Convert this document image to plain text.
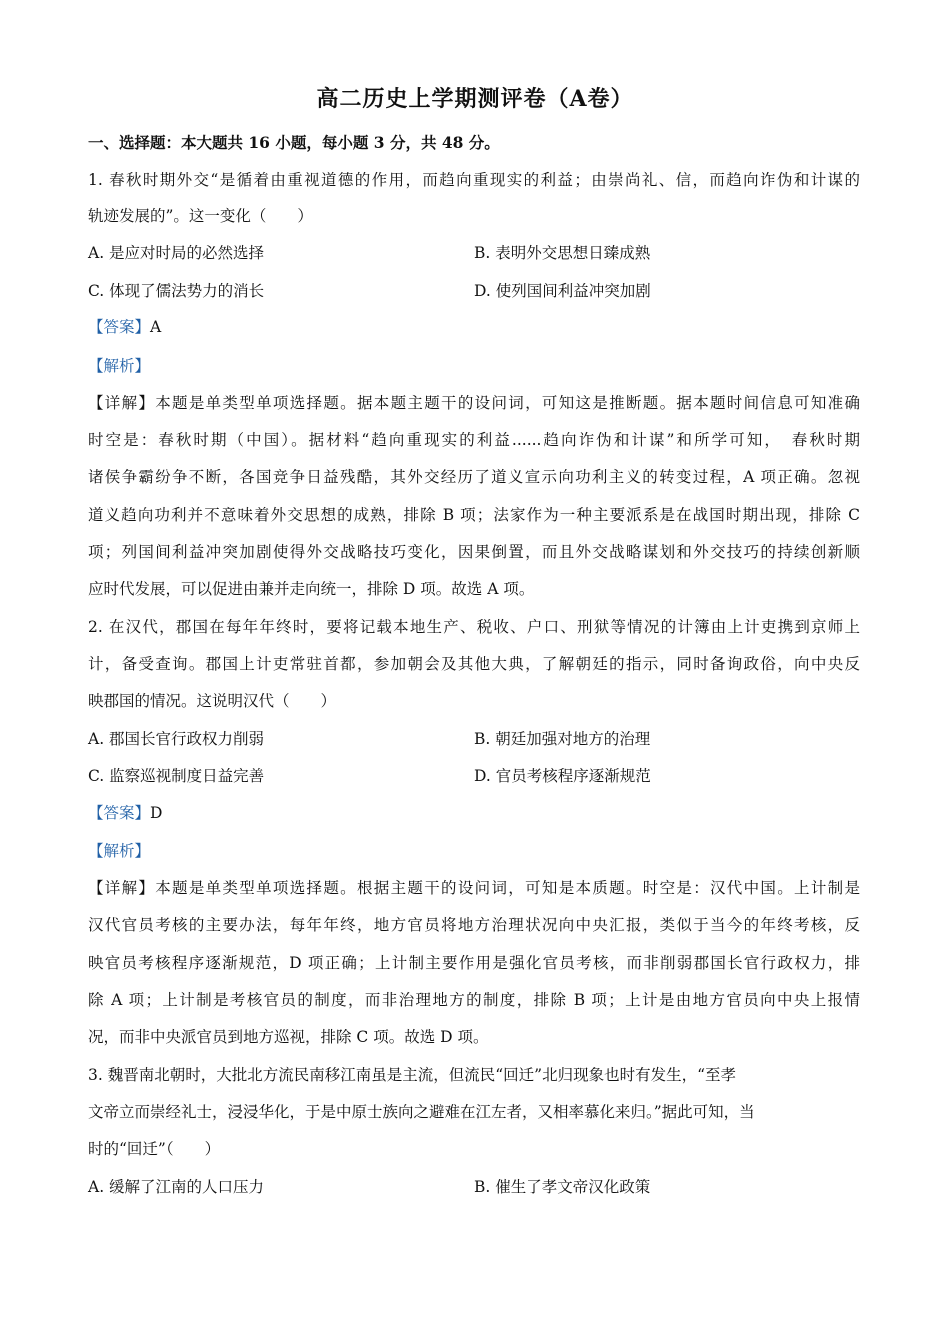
高二历史上学期测评卷（A卷）
一、选择题：本大题共 16 小题，每小题 3 分，共 48 分。
1. 春秋时期外交“是循着由重视道德的作用，而趋向重现实的利益；由崇尚礼、信，而趋向诈伪和计谋的
轨迹发展的”。这一变化（　　）
A. 是应对时局的必然选择	B. 表明外交思想日臻成熟
C. 体现了儒法势力的消长	D. 使列国间利益冲突加剧
【答案】A
【解析】
【详解】本题是单类型单项选择题。据本题主题干的设问词，可知这是推断题。据本题时间信息可知准确
时空是：春秋时期（中国）。据材料“趋向重现实的利益......趋向诈伪和计谋”和所学可知，　春秋时期
诸侯争霸纷争不断，各国竞争日益残酷，其外交经历了道义宣示向功利主义的转变过程，A 项正确。忽视
道义趋向功利并不意味着外交思想的成熟，排除 B 项；法家作为一种主要派系是在战国时期出现，排除 C
项；列国间利益冲突加剧使得外交战略技巧变化，因果倒置，而且外交战略谋划和外交技巧的持续创新顺
应时代发展，可以促进由兼并走向统一，排除 D 项。故选 A 项。
2. 在汉代，郡国在每年年终时，要将记载本地生产、税收、户口、刑狱等情况的计簿由上计吏携到京师上
计，备受查询。郡国上计吏常驻首都，参加朝会及其他大典，了解朝廷的指示，同时备询政俗，向中央反
映郡国的情况。这说明汉代（　　）
A. 郡国长官行政权力削弱	B. 朝廷加强对地方的治理
C. 监察巡视制度日益完善	D. 官员考核程序逐渐规范
【答案】D
【解析】
【详解】本题是单类型单项选择题。根据主题干的设问词，可知是本质题。时空是：汉代中国。上计制是
汉代官员考核的主要办法，每年年终，地方官员将地方治理状况向中央汇报，类似于当今的年终考核，反
映官员考核程序逐渐规范，D 项正确；上计制主要作用是强化官员考核，而非削弱郡国长官行政权力，排
除 A 项；上计制是考核官员的制度，而非治理地方的制度，排除 B 项；上计是由地方官员向中央上报情
况，而非中央派官员到地方巡视，排除 C 项。故选 D 项。
3. 魏晋南北朝时，大批北方流民南移江南虽是主流，但流民“回迁”北归现象也时有发生，“至孝
文帝立而崇经礼士，浸浸华化，于是中原士族向之避难在江左者，又相率慕化来归。”据此可知，当
时的“回迁”（　　）
A. 缓解了江南的人口压力	B. 催生了孝文帝汉化政策
